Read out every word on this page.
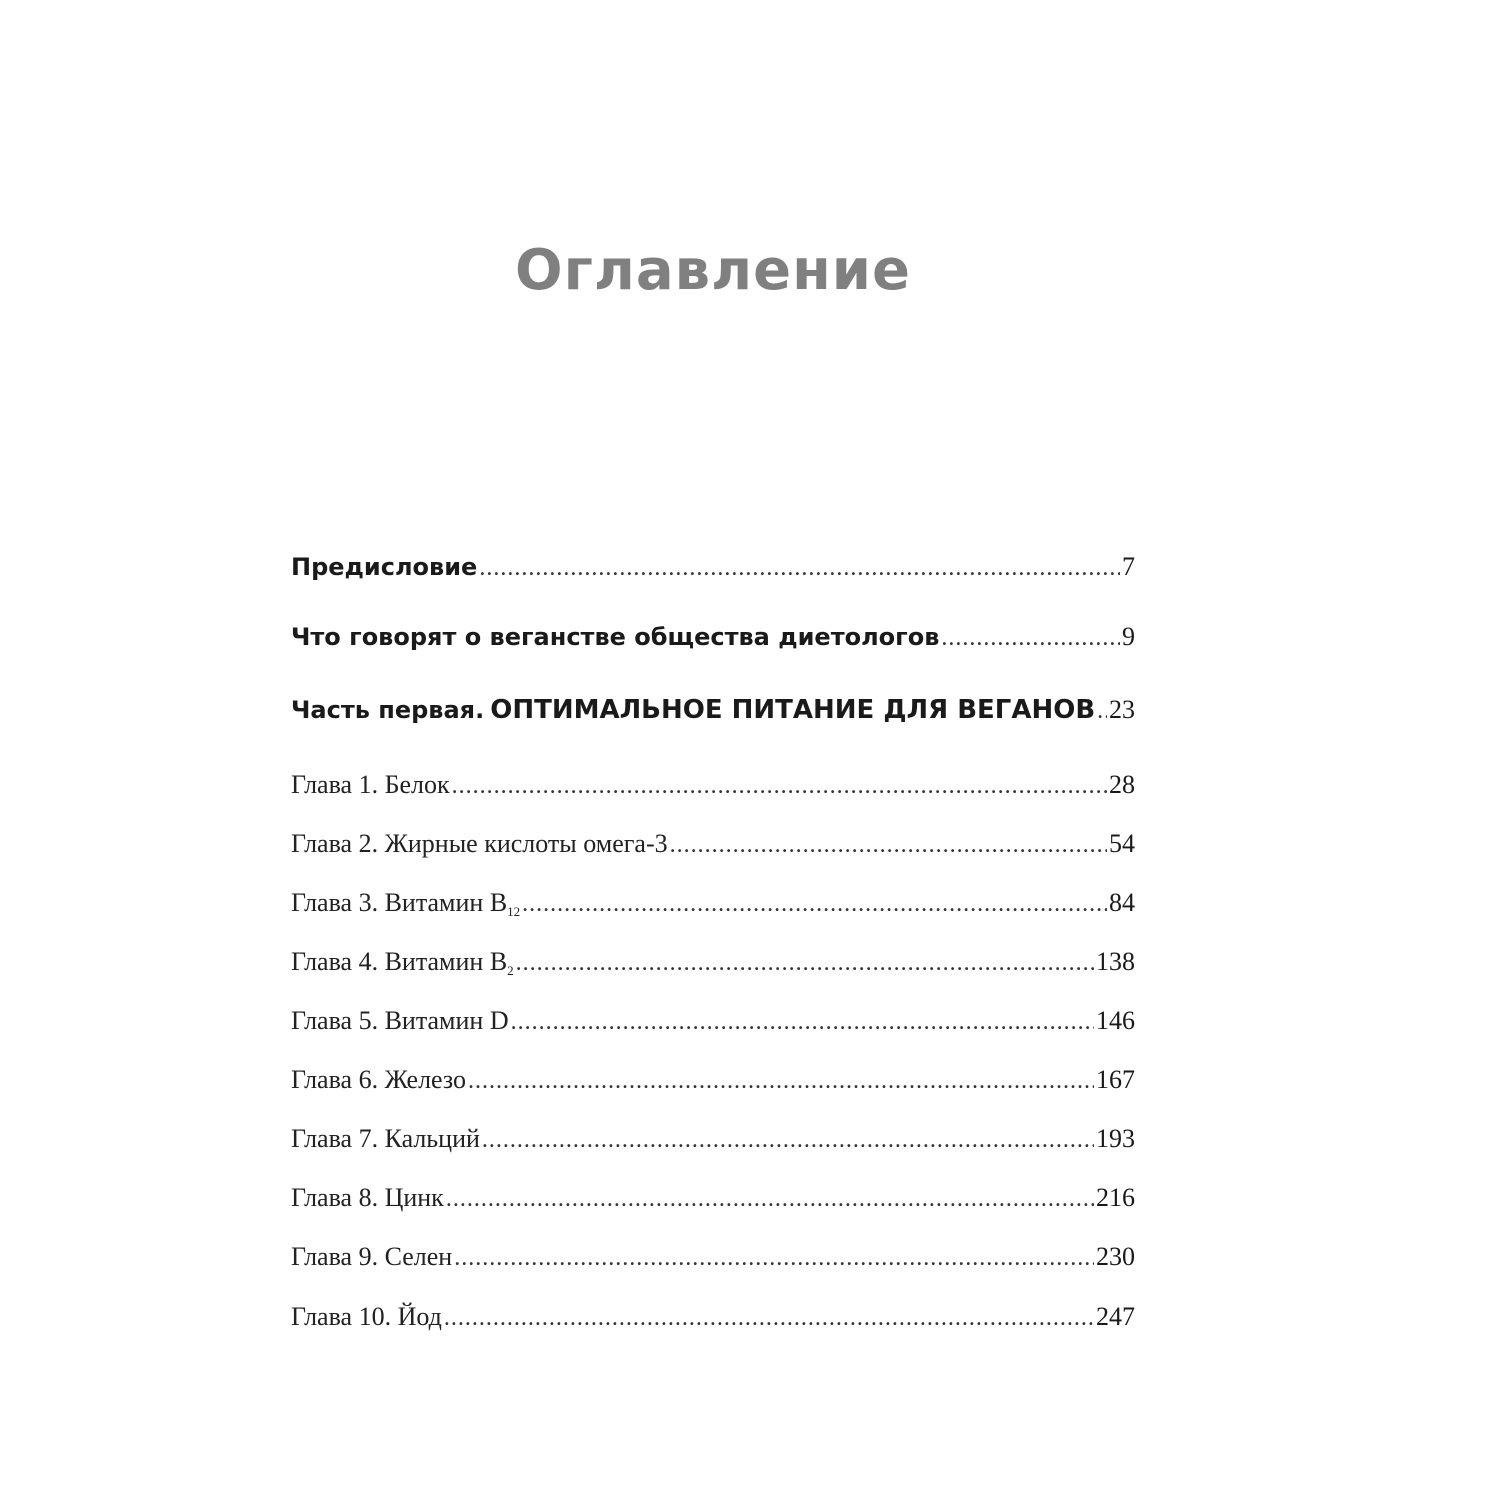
Оглавление
Предисловие .....	7
Что говорят о веганстве общества диетологов .....	9
Часть первая. ОПТИМАЛЬНОЕ ПИТАНИЕ ДЛЯ ВЕГАНОВ ..... 23
Глава 1. Белок .....	28
Глава 2. Жирные кислоты омега-3 .....	54
Глава 3. Витамин $B_{12}$ .....	84
Глава 4. Витамин $B_2$ .....	138
Глава 5. Витамин D .....	146
Глава 6. Железо .....	167
Глава 7. Кальций .....	193
Глава 8. Цинк .....	216
Глава 9. Селен .....	230
Глава 10. Йод .....	247
